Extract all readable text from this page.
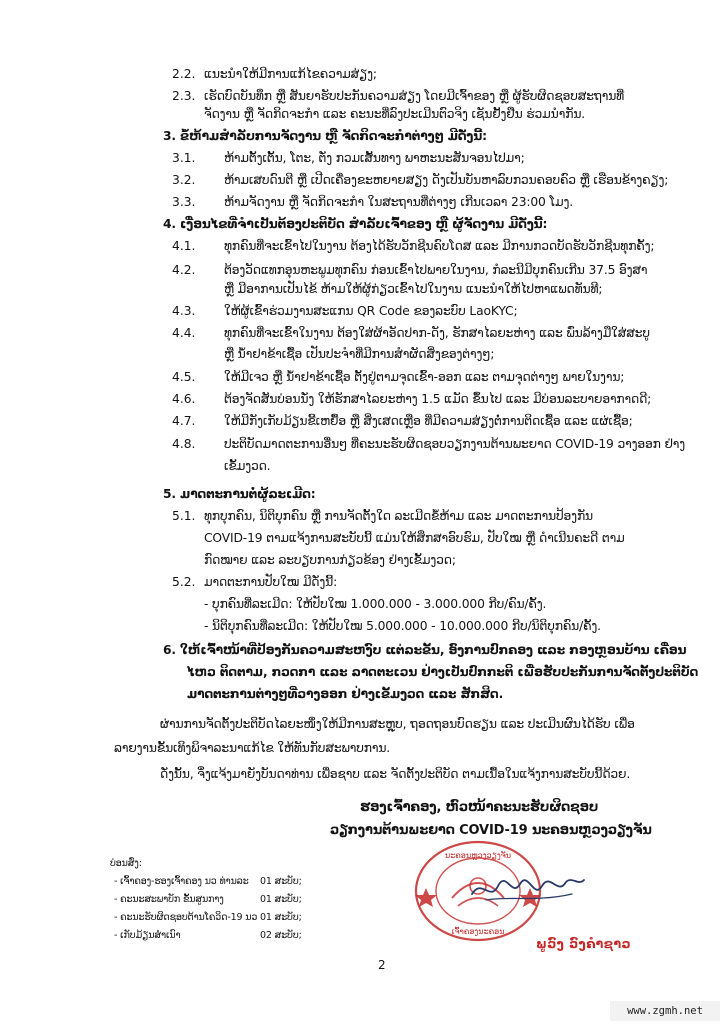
2.2. ແນະນຳໃຫ້ມີການແກ້ໄຂຄວາມສ່ຽງ;
2.3. ເຮັດບົດບັນທຶກ ຫຼື ສັນຍາຮັບປະກັນຄວາມສ່ຽງ ໂດຍມີເຈົ້າຂອງ ຫຼື ຜູ້ຮັບຜິດຊອບສະຖານທີ່
ຈັດງານ ຫຼື ຈັດກິດຈະກຳ ແລະ ຄະນະທີ່ລົງປະເມີນຕົວຈິງ ເຊັນຢັ້ງຢືນ ຮ່ວມນຳກັນ.
3. ຂໍ້ຫ້າມສຳລັບການຈັດງານ ຫຼື ຈັດກິດຈະກຳຕ່າງໆ ມີດັ່ງນີ້:
3.1. ຫ້າມຕັ້ງເຕັ້ນ, ໂຕະ, ຕັ່ງ ກວມເສັ້ນທາງ ພາຫະນະສັນຈອນໄປມາ;
3.2. ຫ້າມເສບດົນຕີ ຫຼື ເປີດເຄື່ອງຂະຫຍາຍສຽງ ດັງເປັນບັນຫາລົບກວນຄອບຄົວ ຫຼື ເຮືອນຂ້າງຄຽງ;
3.3. ຫ້າມຈັດງານ ຫຼື ຈັດກິດຈະກຳ ໃນສະຖານທີ່ຕ່າງໆ ເກີນເວລາ 23:00 ໂມງ.
4. ເງື່ອນໄຂທີ່ຈຳເປັນຕ້ອງປະຕິບັດ ສຳລັບເຈົ້າຂອງ ຫຼື ຜູ້ຈັດງານ ມີດັ່ງນີ້:
4.1. ທຸກຄົນທີ່ຈະເຂົ້າໄປໃນງານ ຕ້ອງໄດ້ຮັບວັກຊີນຄົບໂດສ ແລະ ມີການກວດບັດຮັບວັກຊີນທຸກຄັ້ງ;
4.2. ຕ້ອງວັດແທກອຸນຫະພູມທຸກຄົນ ກ່ອນເຂົ້າໄປພາຍໃນງານ, ກໍລະນີມີບຸກຄົນເກີນ 37.5 ອົງສາ
ຫຼື ມີອາການເປັນໄຂ້ ຫ້າມໃຫ້ຜູ້ກ່ຽວເຂົ້າໄປໃນງານ ແນະນຳໃຫ້ໄປຫາແພດທັນທີ;
4.3. ໃຫ້ຜູ້ເຂົ້າຮ່ວມງານສະແກນ QR Code ຂອງລະບົບ LaoKYC;
4.4. ທຸກຄົນທີ່ຈະເຂົ້າໃນງານ ຕ້ອງໃສ່ຜ້າອັດປາກ-ດັງ, ຮັກສາໄລຍະຫ່າງ ແລະ ພົ່ນລ້າງມືໃສ່ສະບູ
ຫຼື ນ້ຳຢາຂ້າເຊື້ອ ເປັນປະຈຳທີ່ມີການສຳຜັດສິ່ງຂອງຕ່າງໆ;
4.5. ໃຫ້ມີເຈວ ຫຼື ນ້ຳຢາຂ້າເຊື້ອ ຕັ້ງຢູ່ຕາມຈຸດເຂົ້າ-ອອກ ແລະ ຕາມຈຸດຕ່າງໆ ພາຍໃນງານ;
4.6. ຕ້ອງຈັດສັນບ່ອນນັ່ງ ໃຫ້ຮັກສາໄລຍະຫ່າງ 1.5 ແມັດ ຂຶ້ນໄປ ແລະ ມີບ່ອນລະບາຍອາກາດດີ;
4.7. ໃຫ້ມີກັງເກັບມ້ຽນຂີ້ເຫຍື້ອ ຫຼື ສິ່ງເສດເຫຼືອ ທີ່ມີຄວາມສ່ຽງຕໍ່ການຕິດເຊື້ອ ແລະ ແຜ່ເຊື້ອ;
4.8. ປະຕິບັດມາດຕະການອື່ນໆ ທີ່ຄະນະຮັບຜິດຊອບວຽກງານຕ້ານພະຍາດ COVID-19 ວາງອອກ ຢ່າງ
ເຂັ້ມງວດ.
5. ມາດຕະການຕໍ່ຜູ້ລະເມີດ:
5.1. ທຸກບຸກຄົນ, ນິຕິບຸກຄົນ ຫຼື ການຈັດຕັ້ງໃດ ລະເມີດຂໍ້ຫ້າມ ແລະ ມາດຕະການປ້ອງກັນ
COVID-19 ຕາມແຈ້ງການສະບັບນີ້ ແມ່ນໃຫ້ສຶກສາອົບຮົມ, ປັບໃໝ ຫຼື ດຳເນີນຄະດີ ຕາມ
ກົດໝາຍ ແລະ ລະບຽບການກ່ຽວຂ້ອງ ຢ່າງເຂັ້ມງວດ;
5.2. ມາດຕະການປັບໃໝ ມີດັ່ງນີ້:
- ບຸກຄົນທີ່ລະເມີດ: ໃຫ້ປັບໃໝ 1.000.000 - 3.000.000 ກີບ/ຄົນ/ຄັ້ງ.
- ນິຕິບຸກຄົນທີ່ລະເມີດ: ໃຫ້ປັບໃໝ 5.000.000 - 10.000.000 ກີບ/ນິຕິບຸກຄົນ/ຄັ້ງ.
6. ໃຫ້ເຈົ້າໜ້າທີ່ປ້ອງກັນຄວາມສະຫງົບ ແຕ່ລະຂັ້ນ, ອົງການປົກຄອງ ແລະ ກອງຫຼອນບ້ານ ເຄື່ອນ
ໄຫວ ຕິດຕາມ, ກວດກາ ແລະ ລາດຕະເວນ ຢ່າງເປັນປົກກະຕິ ເພື່ອຮັບປະກັນການຈັດຕັ້ງປະຕິບັດ
ມາດຕະການຕ່າງໆທີ່ວາງອອກ ຢ່າງເຂັ້ມງວດ ແລະ ສັກສິດ.
ຜ່ານການຈັດຕັ້ງປະຕິບັດໄລຍະໜຶ່ງໃຫ້ມີການສະຫຼຸບ, ຖອດຖອນບົດຮຽນ ແລະ ປະເມີນຜົນໄດ້ຮັບ ເພື່ອ
ລາຍງານຂັ້ນເທິງພິຈາລະນາແກ້ໄຂ ໃຫ້ທັນກັບສະພາບການ.
ດັ່ງນັ້ນ, ຈຶ່ງແຈ້ງມາຍັງບັນດາທ່ານ ເພື່ອຊາບ ແລະ ຈັດຕັ້ງປະຕິບັດ ຕາມເນື້ອໃນແຈ້ງການສະບັບນີ້ດ້ວຍ.
ຮອງເຈົ້າຄອງ, ຫົວໜ້າຄະນະຮັບຜິດຊອບ
ວຽກງານຕ້ານພະຍາດ COVID-19 ນະຄອນຫຼວງວຽງຈັນ
ນະຄອນຫຼວງວຽງຈັນ
ເຈົ້າຄອງນະຄອນ
ພູວົງ ວົງຄຳຊາວ
ບ່ອນສົ່ງ:
- ເຈົ້າຄອງ-ຮອງເຈົ້າຄອງ ນວ ທ່ານລະ 01 ສະບັບ;
- ຄະນະສະພາບັກ ຂັ້ນສູນກາງ	01 ສະບັບ;
- ຄະນະຮັບຜິດຊອບຕ້ານໂຄວິດ-19 ນວ 01 ສະບັບ;
- ເກັບມ້ຽນສຳເນົາ	02 ສະບັບ;
2
www.zgmh.net
